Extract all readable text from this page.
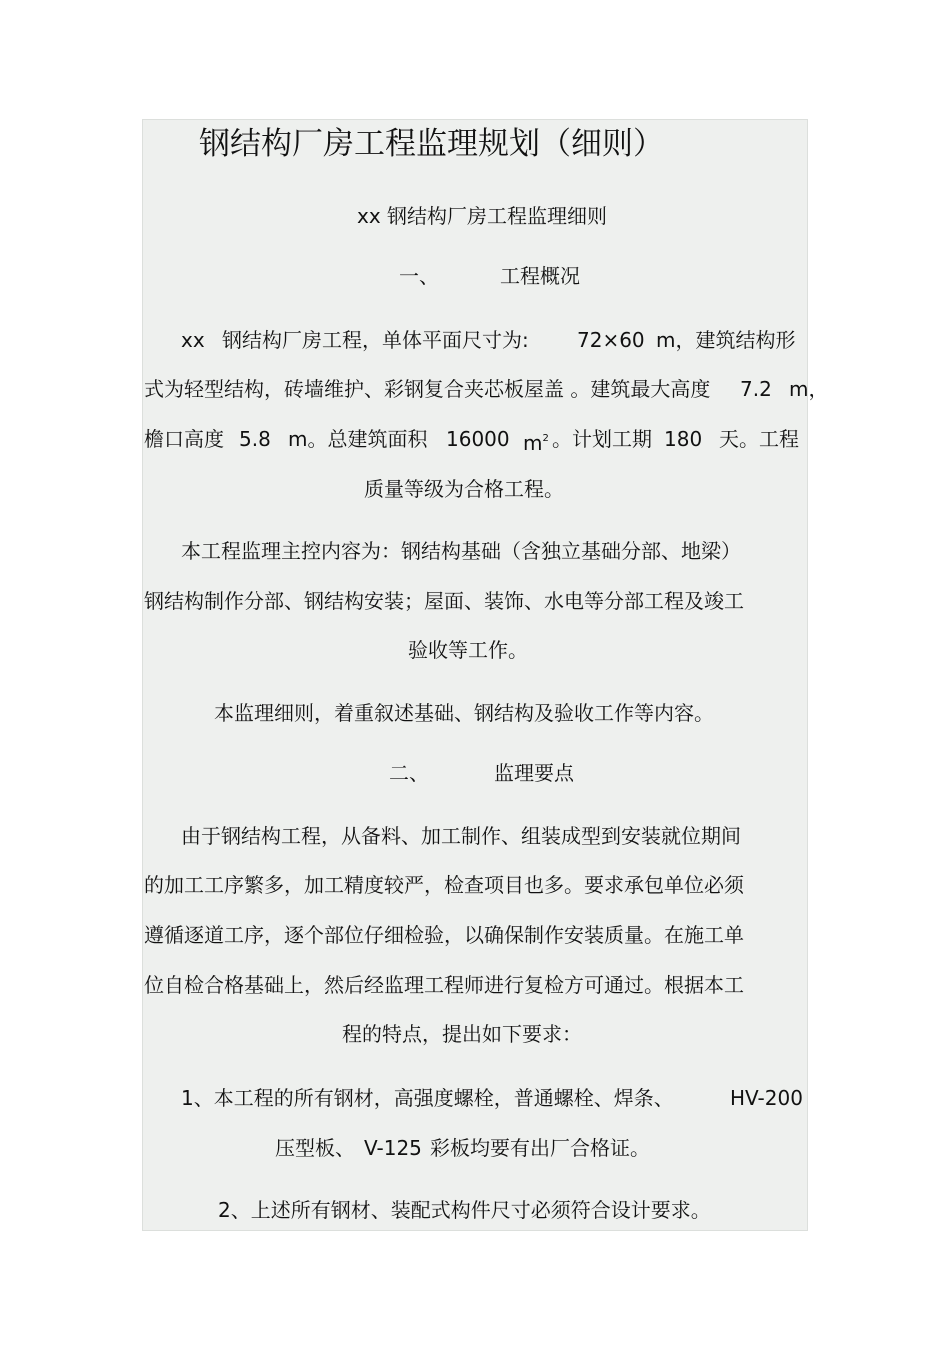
钢结构厂房工程监理规划（细则）
xx 钢结构厂房工程监理细则
一、	工程概况
xx 钢结构厂房工程，单体平面尺寸为: 72×60 m，建筑结构形
式为轻型结构，砖墙维护、彩钢复合夹芯板屋盖 。建筑最大高度 7.2 m，
檐口高度 5.8 m。总建筑面积 16000 $m^2$ 。计划工期 180 天。工程
质量等级为合格工程。
本工程监理主控内容为：钢结构基础（含独立基础分部、地梁）
钢结构制作分部、钢结构安装；屋面、装饰、水电等分部工程及竣工
验收等工作。
本监理细则，着重叙述基础、钢结构及验收工作等内容。
二、	监理要点
由于钢结构工程，从备料、加工制作、组装成型到安装就位期间
的加工工序繁多，加工精度较严，检查项目也多。要求承包单位必须
遵循逐道工序，逐个部位仔细检验，以确保制作安装质量。在施工单
位自检合格基础上，然后经监理工程师进行复检方可通过。根据本工
程的特点，提出如下要求：
1、本工程的所有钢材，高强度螺栓，普通螺栓、焊条、	HV-200
压型板、 V-125 彩板均要有出厂合格证。
2、上述所有钢材、装配式构件尺寸必须符合设计要求。
